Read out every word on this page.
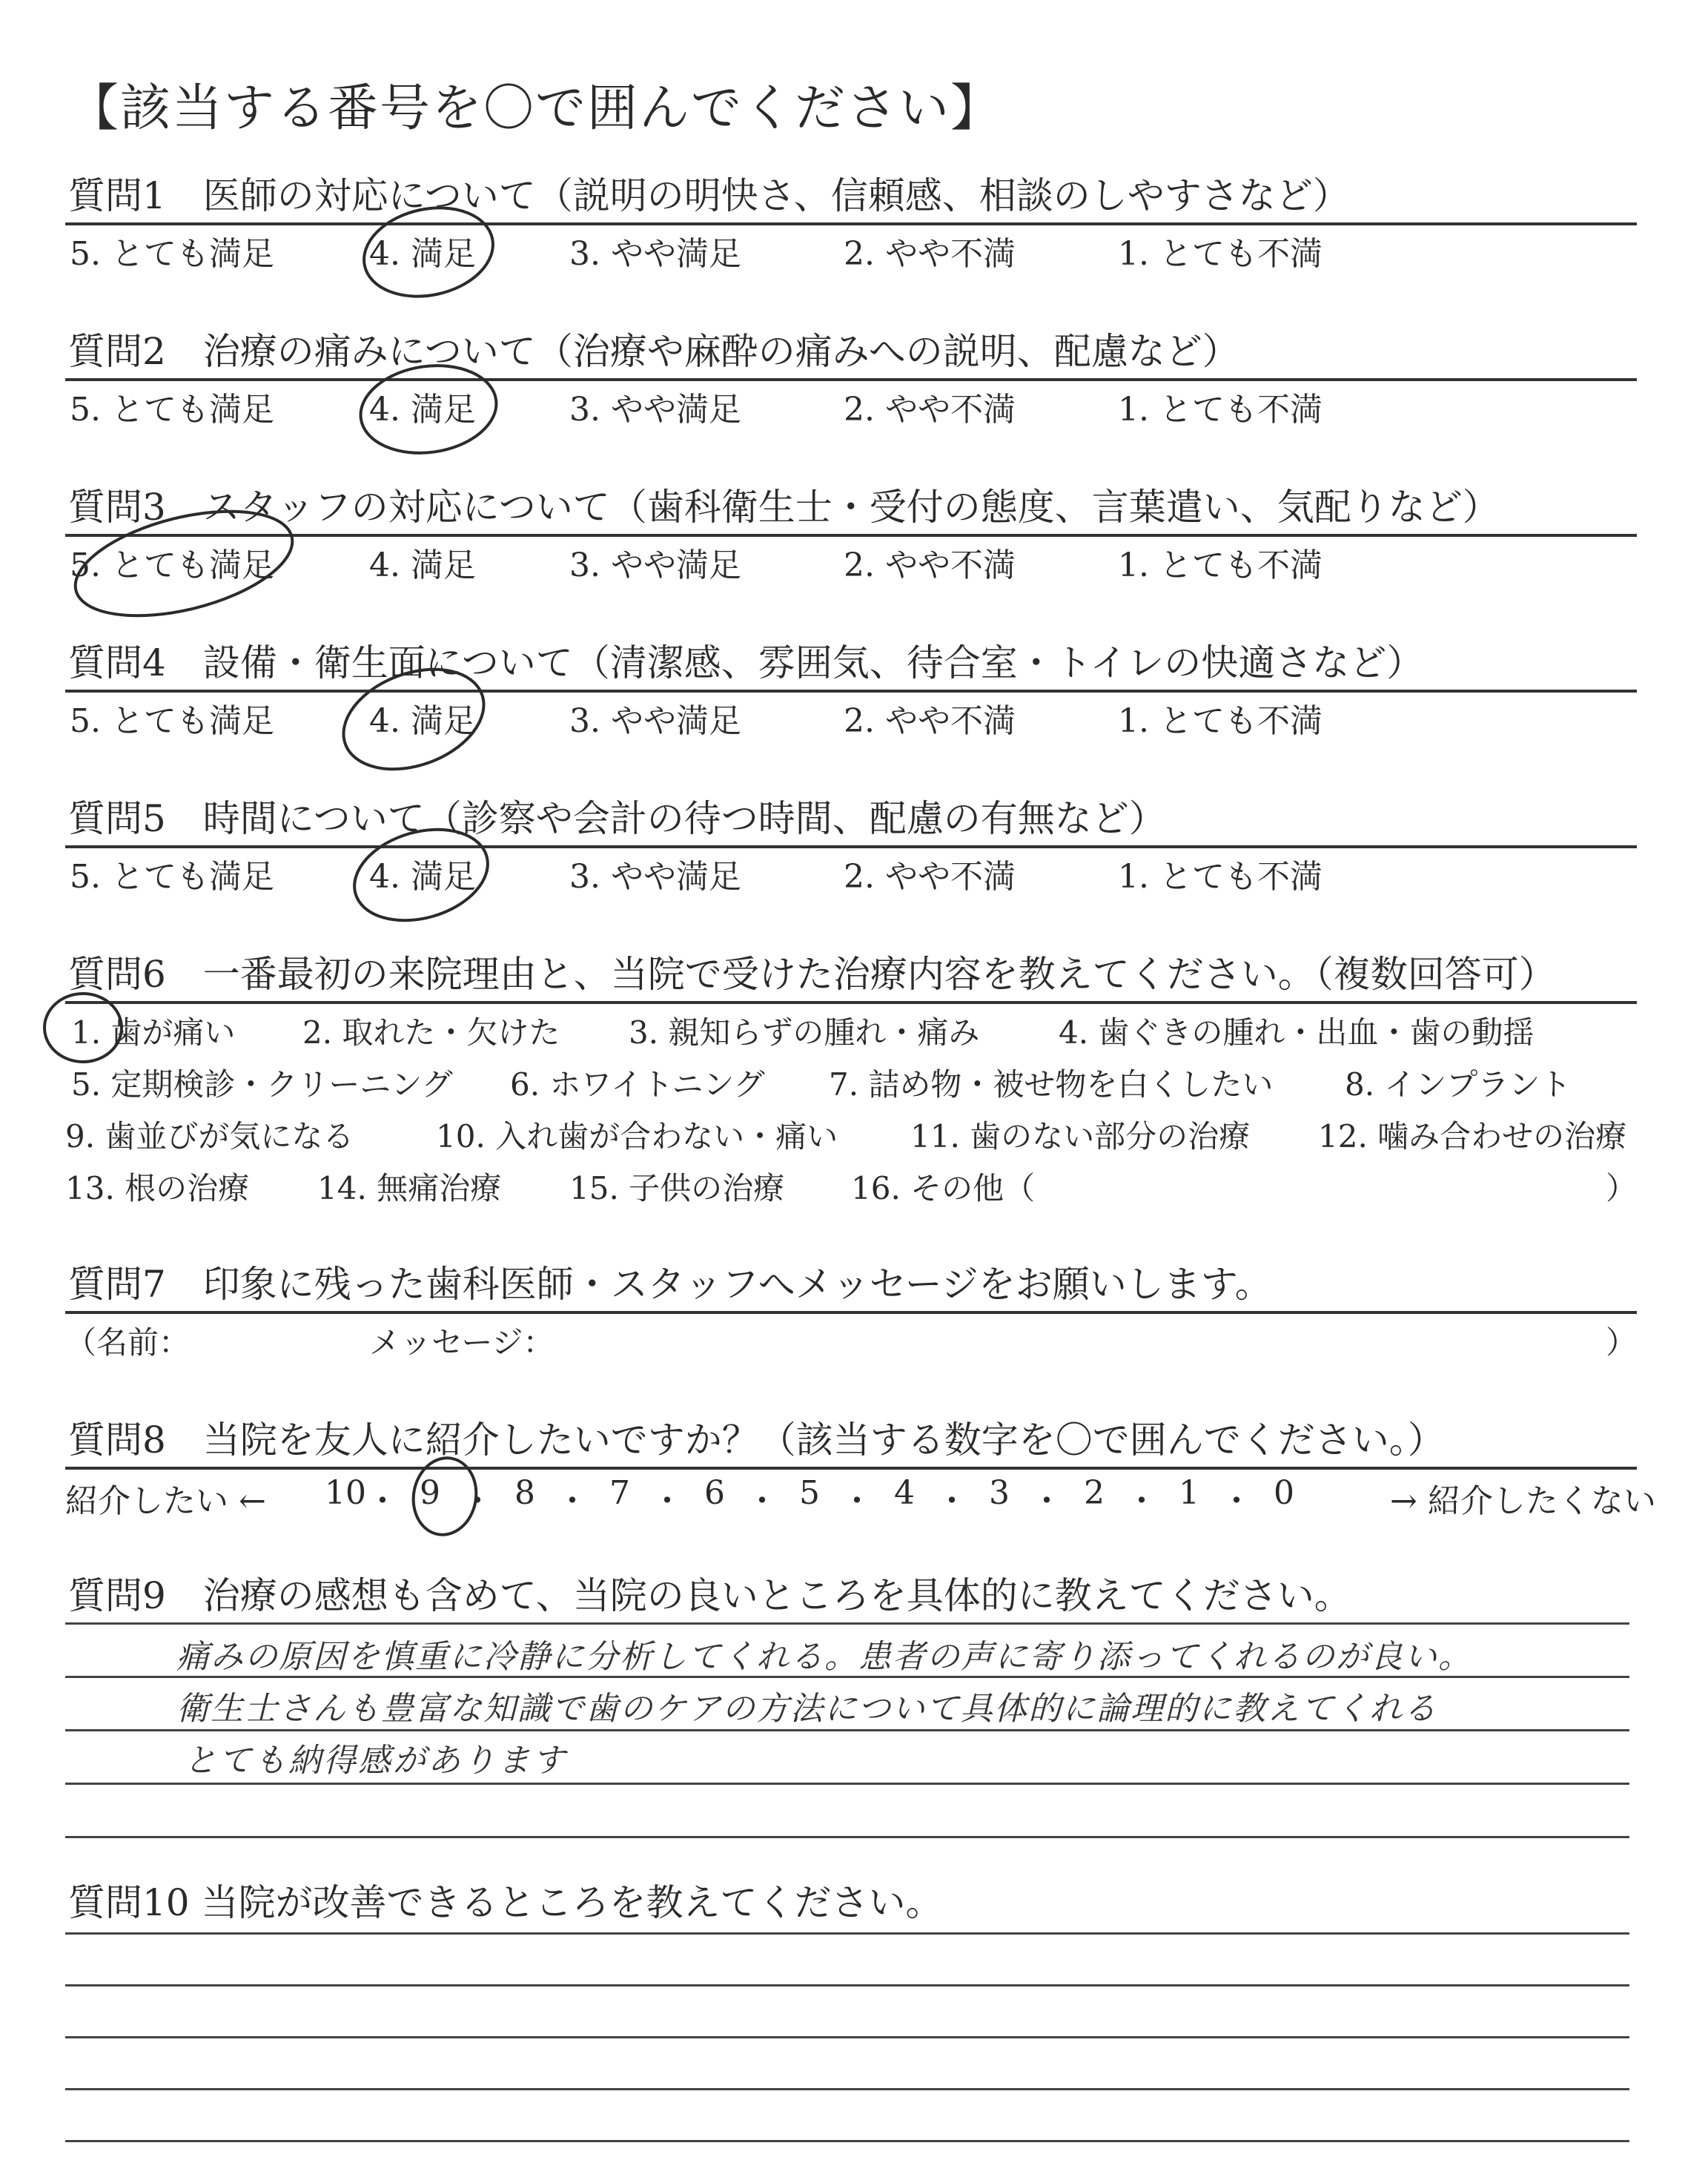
【該当する番号を〇で囲んでください】
質問1　医師の対応について（説明の明快さ、信頼感、相談のしやすさなど）
5. とても満足	4. 満足	3. やや満足	2. やや不満	1. とても不満
質問2　治療の痛みについて（治療や麻酔の痛みへの説明、配慮など）
5. とても満足	4. 満足	3. やや満足	2. やや不満	1. とても不満
質問3　スタッフの対応について（歯科衛生士・受付の態度、言葉遣い、気配りなど）
5. とても満足	4. 満足	3. やや満足	2. やや不満	1. とても不満
質問4　設備・衛生面について（清潔感、雰囲気、待合室・トイレの快適さなど）
5. とても満足	4. 満足	3. やや満足	2. やや不満	1. とても不満
質問5　時間について（診察や会計の待つ時間、配慮の有無など）
5. とても満足	4. 満足	3. やや満足	2. やや不満	1. とても不満
質問6　一番最初の来院理由と、当院で受けた治療内容を教えてください。（複数回答可）
1. 歯が痛い 2. 取れた・欠けた 3. 親知らずの腫れ・痛み	4. 歯ぐきの腫れ・出血・歯の動揺
5. 定期検診・クリーニング 6. ホワイトニング 7. 詰め物・被せ物を白くしたい 8. インプラント
9. 歯並びが気になる	10. 入れ歯が合わない・痛い 11. 歯のない部分の治療 12. 噛み合わせの治療
13. 根の治療 14. 無痛治療 15. 子供の治療 16. その他（	）
質問7　印象に残った歯科医師・スタッフへメッセージをお願いします。
（名前：	メッセージ：	）
質問8　当院を友人に紹介したいですか？（該当する数字を〇で囲んでください。）
紹介したい ←	→ 紹介したくない
10 ・ 9 ・ 8 ・ 7 ・ 6 ・ 5 ・ 4 ・ 3 ・ 2 ・ 1 ・ 0
質問9　治療の感想も含めて、当院の良いところを具体的に教えてください。
痛みの原因を慎重に冷静に分析してくれる。患者の声に寄り添ってくれるのが良い。
衛生士さんも豊富な知識で歯のケアの方法について具体的に論理的に教えてくれる
とても納得感があります
質問10 当院が改善できるところを教えてください。
